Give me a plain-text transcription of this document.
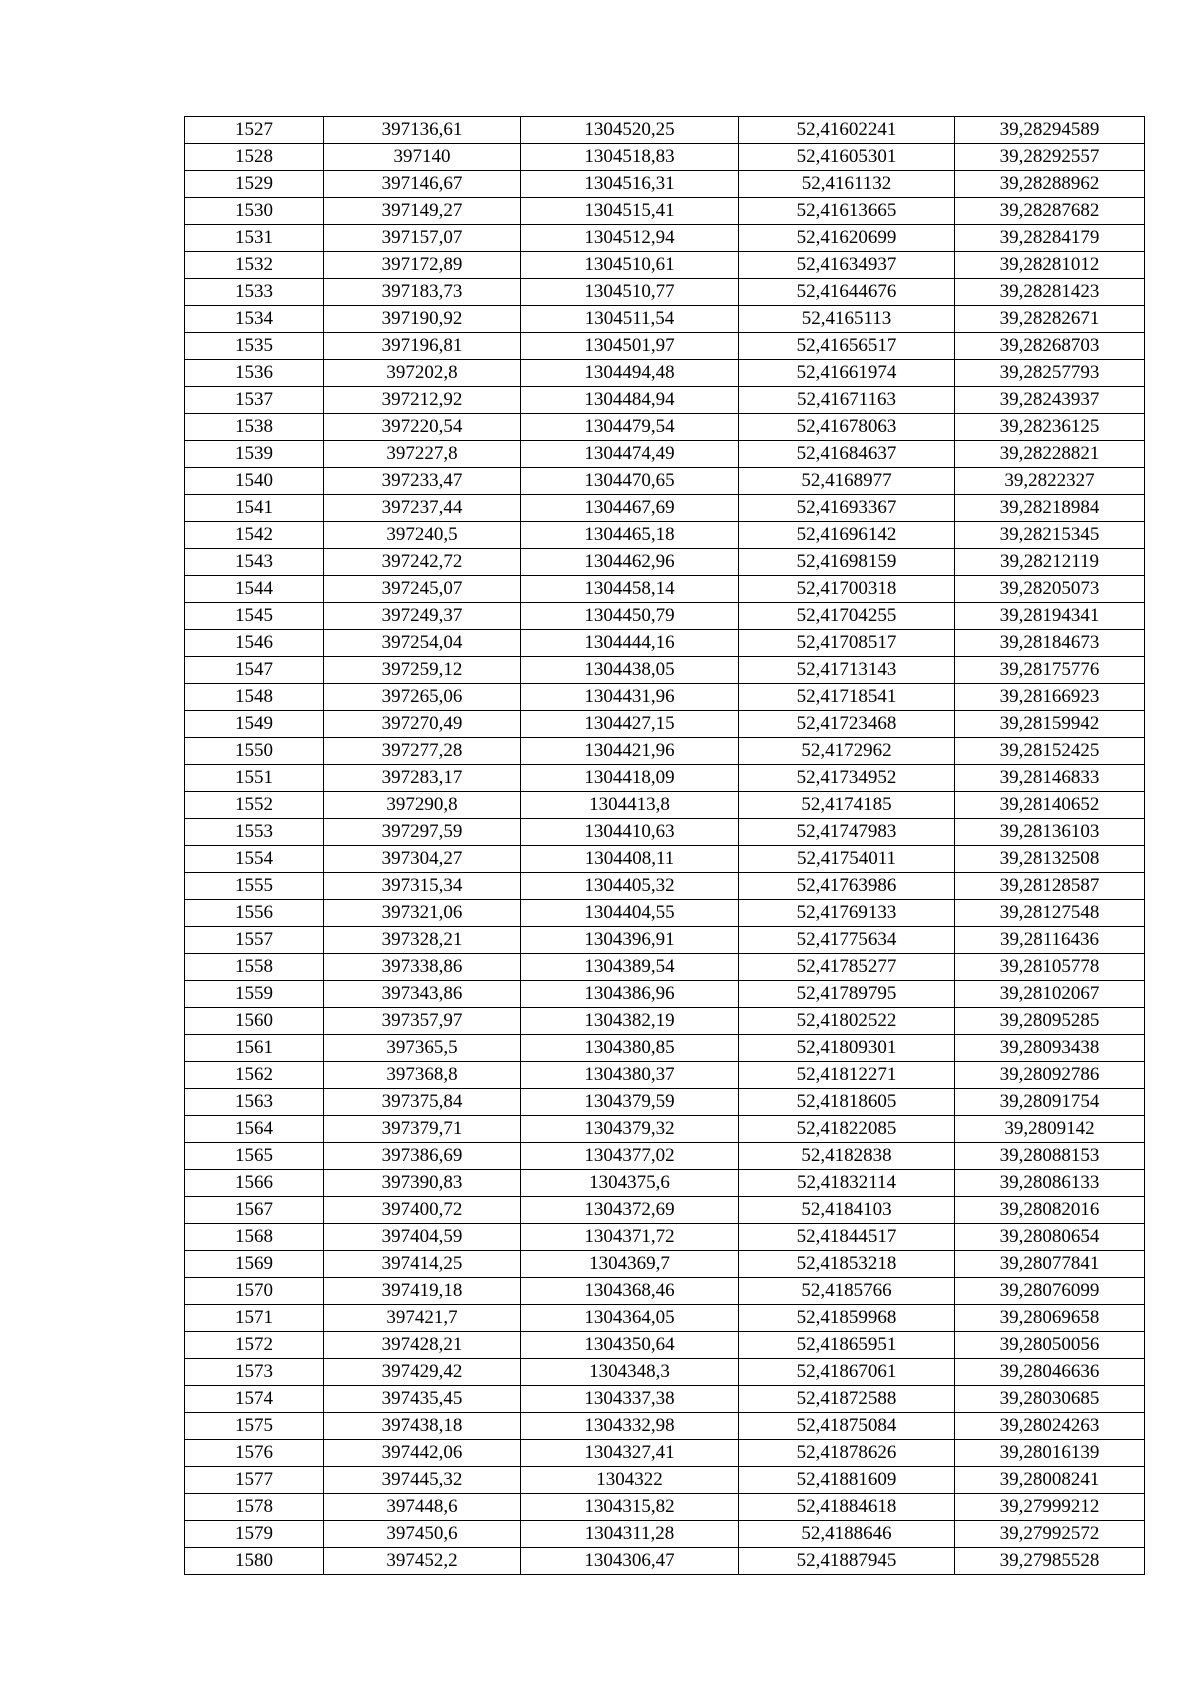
1527	397136,61	1304520,25	52,41602241	39,28294589
1528	397140	1304518,83	52,41605301	39,28292557
1529	397146,67	1304516,31	52,4161132	39,28288962
1530	397149,27	1304515,41	52,41613665	39,28287682
1531	397157,07	1304512,94	52,41620699	39,28284179
1532	397172,89	1304510,61	52,41634937	39,28281012
1533	397183,73	1304510,77	52,41644676	39,28281423
1534	397190,92	1304511,54	52,4165113	39,28282671
1535	397196,81	1304501,97	52,41656517	39,28268703
1536	397202,8	1304494,48	52,41661974	39,28257793
1537	397212,92	1304484,94	52,41671163	39,28243937
1538	397220,54	1304479,54	52,41678063	39,28236125
1539	397227,8	1304474,49	52,41684637	39,28228821
1540	397233,47	1304470,65	52,4168977	39,2822327
1541	397237,44	1304467,69	52,41693367	39,28218984
1542	397240,5	1304465,18	52,41696142	39,28215345
1543	397242,72	1304462,96	52,41698159	39,28212119
1544	397245,07	1304458,14	52,41700318	39,28205073
1545	397249,37	1304450,79	52,41704255	39,28194341
1546	397254,04	1304444,16	52,41708517	39,28184673
1547	397259,12	1304438,05	52,41713143	39,28175776
1548	397265,06	1304431,96	52,41718541	39,28166923
1549	397270,49	1304427,15	52,41723468	39,28159942
1550	397277,28	1304421,96	52,4172962	39,28152425
1551	397283,17	1304418,09	52,41734952	39,28146833
1552	397290,8	1304413,8	52,4174185	39,28140652
1553	397297,59	1304410,63	52,41747983	39,28136103
1554	397304,27	1304408,11	52,41754011	39,28132508
1555	397315,34	1304405,32	52,41763986	39,28128587
1556	397321,06	1304404,55	52,41769133	39,28127548
1557	397328,21	1304396,91	52,41775634	39,28116436
1558	397338,86	1304389,54	52,41785277	39,28105778
1559	397343,86	1304386,96	52,41789795	39,28102067
1560	397357,97	1304382,19	52,41802522	39,28095285
1561	397365,5	1304380,85	52,41809301	39,28093438
1562	397368,8	1304380,37	52,41812271	39,28092786
1563	397375,84	1304379,59	52,41818605	39,28091754
1564	397379,71	1304379,32	52,41822085	39,2809142
1565	397386,69	1304377,02	52,4182838	39,28088153
1566	397390,83	1304375,6	52,41832114	39,28086133
1567	397400,72	1304372,69	52,4184103	39,28082016
1568	397404,59	1304371,72	52,41844517	39,28080654
1569	397414,25	1304369,7	52,41853218	39,28077841
1570	397419,18	1304368,46	52,4185766	39,28076099
1571	397421,7	1304364,05	52,41859968	39,28069658
1572	397428,21	1304350,64	52,41865951	39,28050056
1573	397429,42	1304348,3	52,41867061	39,28046636
1574	397435,45	1304337,38	52,41872588	39,28030685
1575	397438,18	1304332,98	52,41875084	39,28024263
1576	397442,06	1304327,41	52,41878626	39,28016139
1577	397445,32	1304322	52,41881609	39,28008241
1578	397448,6	1304315,82	52,41884618	39,27999212
1579	397450,6	1304311,28	52,4188646	39,27992572
1580	397452,2	1304306,47	52,41887945	39,27985528
